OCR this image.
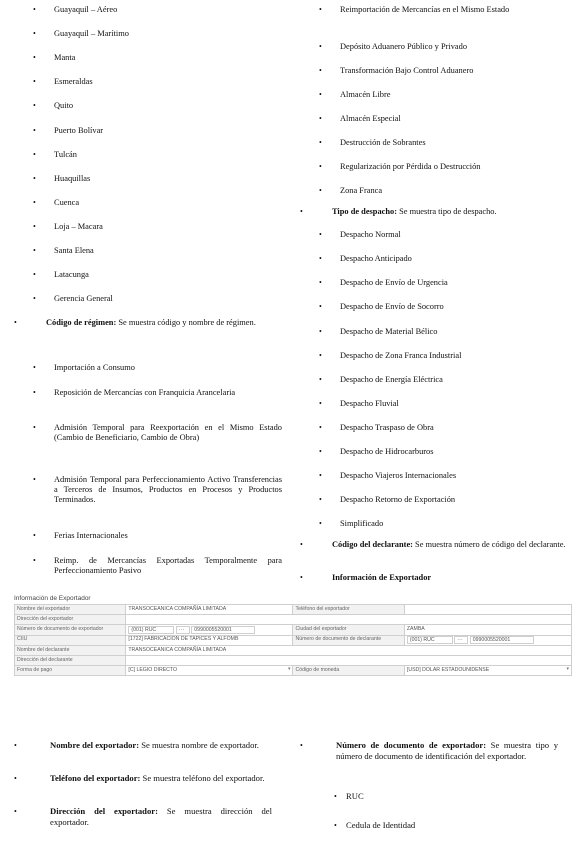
• Guayaquil – Aéreo
• Guayaquil – Marítimo
• Manta
• Esmeraldas
• Quito
• Puerto Bolívar
• Tulcán
• Huaquillas
• Cuenca
• Loja – Macara
• Santa Elena
• Latacunga
• Gerencia General
• Código de régimen: Se muestra código y nombre de régimen.
• Importación a Consumo
• Reposición de Mercancías con Franquicia Arancelaria
• Admisión Temporal para Reexportación en el Mismo Estado (Cambio de Beneficiario, Cambio de Obra)
• Admisión Temporal para Perfeccionamiento Activo Transferencias a Terceros de Insumos, Productos en Procesos y Productos Terminados.
• Ferias Internacionales
• Reimp. de Mercancías Exportadas Temporalmente para Perfeccionamiento Pasivo
• Reimportación de Mercancías en el Mismo Estado
• Depósito Aduanero Público y Privado
• Transformación Bajo Control Aduanero
• Almacén Libre
• Almacén Especial
• Destrucción de Sobrantes
• Regularización por Pérdida o Destrucción
• Zona Franca
• Tipo de despacho: Se muestra tipo de despacho.
• Despacho Normal
• Despacho Anticipado
• Despacho de Envío de Urgencia
• Despacho de Envío de Socorro
• Despacho de Material Bélico
• Despacho de Zona Franca Industrial
• Despacho de Energía Eléctrica
• Despacho Fluvial
• Despacho Traspaso de Obra
• Despacho de Hidrocarburos
• Despacho Viajeros Internacionales
• Despacho Retorno de Exportación
• Simplificado
• Código del declarante: Se muestra número de código del declarante.
• Información de Exportador
Información de Exportador
Nombre del exportador	TRANSOCEANICA COMPAÑÍA LIMITADA	Teléfono del exportador	
Dirección del exportador			
Número de documento de exportador	(001) RUC ⋯ 0990005520001	Ciudad del exportador	ZAMBA
CIIU	[1722] FABRICACION DE TAPICES Y ALFOMB	Número de documento de declarante	(001) RUC ⋯ 0990005520001
Nombre del declarante	TRANSOCEANICA COMPAÑÍA LIMITADA		
Dirección del declarante			
Forma de pago	[C] LEGIO DIRECTO ▾	Código de moneda	[USD] DOLAR ESTADOUNIDENSE ▾
• Nombre del exportador: Se muestra nombre de exportador.
• Teléfono del exportador: Se muestra teléfono del exportador.
• Dirección del exportador: Se muestra dirección del exportador.
• Número de documento de exportador: Se muestra tipo y número de documento de identificación del exportador.
• RUC
• Cedula de Identidad
